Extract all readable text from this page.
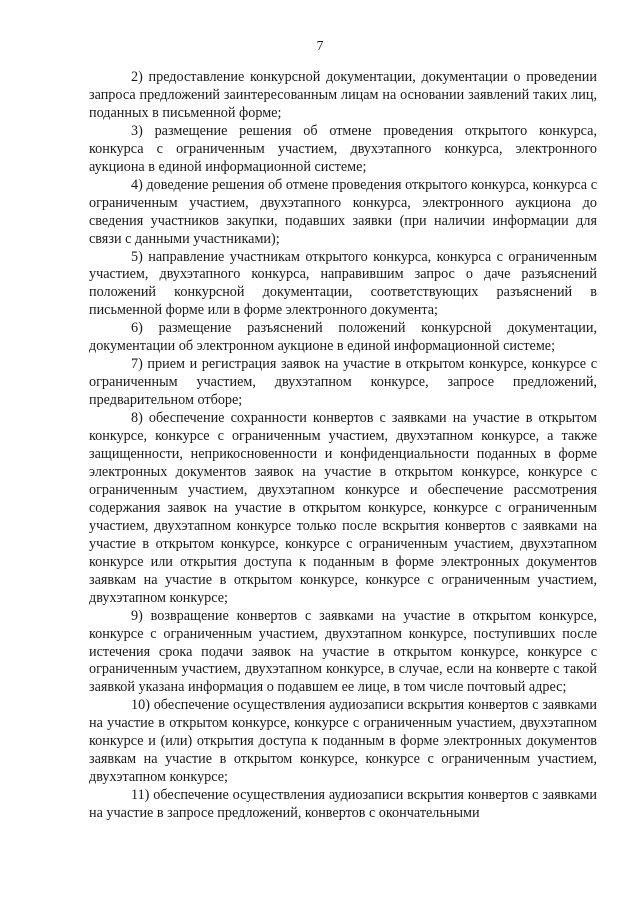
7

2) предоставление конкурсной документации, документации о проведении запроса предложений заинтересованным лицам на основании заявлений таких лиц, поданных в письменной форме;

3) размещение решения об отмене проведения открытого конкурса, конкурса с ограниченным участием, двухэтапного конкурса, электронного аукциона в единой информационной системе;

4) доведение решения об отмене проведения открытого конкурса, конкурса с ограниченным участием, двухэтапного конкурса, электронного аукциона до сведения участников закупки, подавших заявки (при наличии информации для связи с данными участниками);

5) направление участникам открытого конкурса, конкурса с ограниченным участием, двухэтапного конкурса, направившим запрос о даче разъяснений положений конкурсной документации, соответствующих разъяснений в письменной форме или в форме электронного документа;

6) размещение разъяснений положений конкурсной документации, документации об электронном аукционе в единой информационной системе;

7) прием и регистрация заявок на участие в открытом конкурсе, конкурсе с ограниченным участием, двухэтапном конкурсе, запросе предложений, предварительном отборе;

8) обеспечение сохранности конвертов с заявками на участие в открытом конкурсе, конкурсе с ограниченным участием, двухэтапном конкурсе, а также защищенности, неприкосновенности и конфиденциальности поданных в форме электронных документов заявок на участие в открытом конкурсе, конкурсе с ограниченным участием, двухэтапном конкурсе и обеспечение рассмотрения содержания заявок на участие в открытом конкурсе, конкурсе с ограниченным участием, двухэтапном конкурсе только после вскрытия конвертов с заявками на участие в открытом конкурсе, конкурсе с ограниченным участием, двухэтапном конкурсе или открытия доступа к поданным в форме электронных документов заявкам на участие в открытом конкурсе, конкурсе с ограниченным участием, двухэтапном конкурсе;

9) возвращение конвертов с заявками на участие в открытом конкурсе, конкурсе с ограниченным участием, двухэтапном конкурсе, поступивших после истечения срока подачи заявок на участие в открытом конкурсе, конкурсе с ограниченным участием, двухэтапном конкурсе, в случае, если на конверте с такой заявкой указана информация о подавшем ее лице, в том числе почтовый адрес;

10) обеспечение осуществления аудиозаписи вскрытия конвертов с заявками на участие в открытом конкурсе, конкурсе с ограниченным участием, двухэтапном конкурсе и (или) открытия доступа к поданным в форме электронных документов заявкам на участие в открытом конкурсе, конкурсе с ограниченным участием, двухэтапном конкурсе;

11) обеспечение осуществления аудиозаписи вскрытия конвертов с заявками на участие в запросе предложений, конвертов с окончательными
